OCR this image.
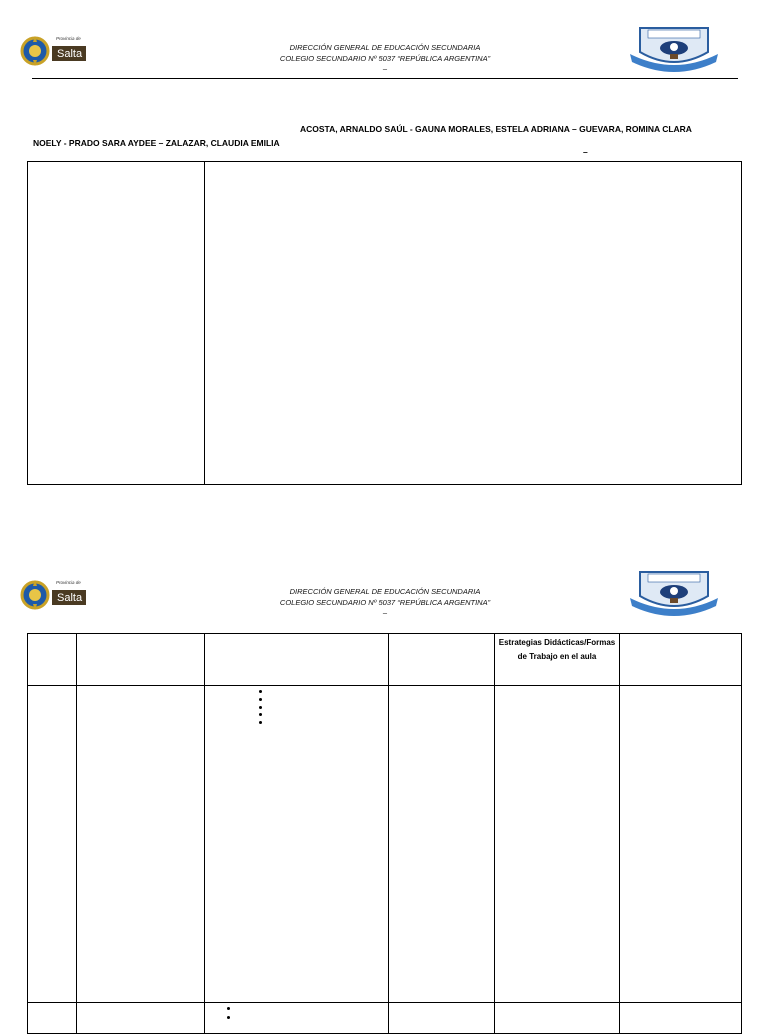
Provincia de
Salta
DIRECCIÓN GENERAL DE EDUCACIÓN SECUNDARIA
COLEGIO SECUNDARIO Nº 5037 “REPÚBLICA ARGENTINA”
–
ACOSTA, ARNALDO SAÚL - GAUNA MORALES, ESTELA ADRIANA – GUEVARA, ROMINA CLARA
NOELY - PRADO SARA AYDEE – ZALAZAR, CLAUDIA EMILIA
–

Provincia de
Salta
DIRECCIÓN GENERAL DE EDUCACIÓN SECUNDARIA
COLEGIO SECUNDARIO Nº 5037 “REPÚBLICA ARGENTINA”
–

				Estrategias Didácticas/Formas de Trabajo en el aula	
